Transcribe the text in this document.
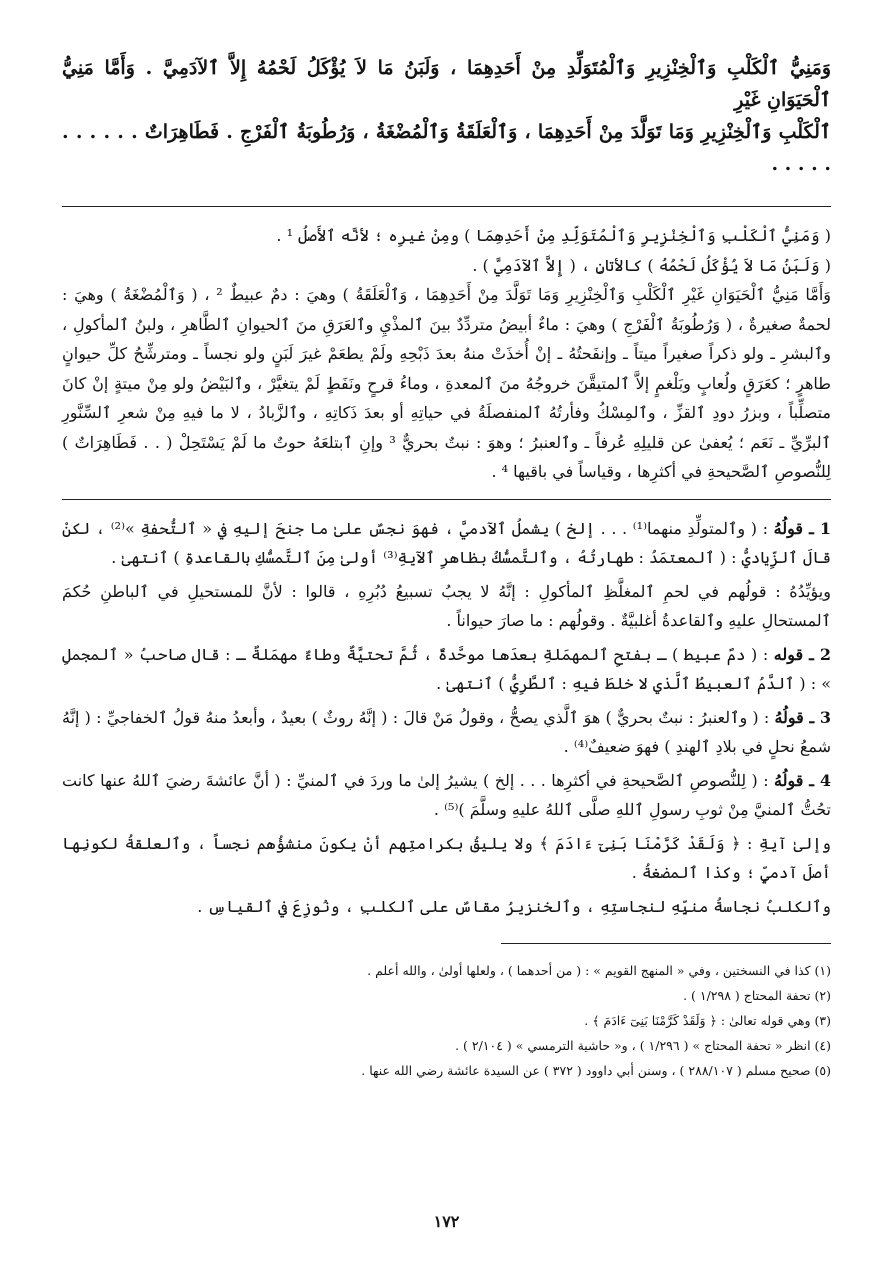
وَمَنِيُّ ٱلْكَلْبِ وَٱلْخِنْزِيرِ وَٱلْمُتَوَلِّدِ مِنْ أَحَدِهِمَا ، وَلَبَنُ مَا لاَ يُؤْكَلُ لَحْمُهُ إِلاَّ ٱلآدَمِيَّ . وَأَمَّا مَنِيُّ ٱلْحَيَوَانِ غَيْرِ

ٱلْكَلْبِ وَٱلْخِنْزِيرِ وَمَا تَوَلَّدَ مِنْ أَحَدِهِمَا ، وَٱلْعَلَقَةُ وَٱلْمُضْغَةُ ، وَرُطُوبَةُ ٱلْفَرْجِ . فَطَاهِرَاتٌ . . . . . . . . . . .

( وَمَنِيُّ ٱلْكَلْبِ وَٱلْخِنْزِيرِ وَٱلْمُتَوَلِّدِ مِنْ أَحَدِهِمَا ) ومِنْ غيرِه ؛ لأنَّه ٱلأَصلُ ¹ .

( وَلَبَنُ مَا لاَ يُؤْكَلُ لَحْمُهُ ) كالأتانِ ، ( إِلاَّ ٱلآدَمِيَّ ) .

وَأَمَّا مَنِيُّ ٱلْحَيَوَانِ غَيْرِ ٱلْكَلْبِ وَٱلْخِنْزِيرِ وَمَا تَوَلَّدَ مِنْ أَحَدِهِمَا ، وَٱلْعَلَقَةُ ) وهيَ : دمٌ عبيطٌ ² ، ( وَٱلْمُضْغَةُ ) وهيَ : لحمةٌ صغيرةٌ ، ( وَرُطُوبَةُ ٱلْفَرْجِ ) وهيَ : ماءٌ أبيضُ متردِّدٌ بينَ ٱلمذْيِ وٱلعَرَقِ منَ ٱلحيوانِ ٱلطَّاهرِ ، ولبنُ ٱلمأكولِ ، وٱلبشرِ ـ ولو ذكراً صغيراً ميتاً ـ وإنفَحتُهُ ـ إنْ أُخذَتْ منهُ بعدَ ذَبْحِهِ ولَمْ يطعَمْ غيرَ لَبَنٍ ولو نجساً ـ ومترشِّحُ كلِّ حيوانٍ طاهرٍ ؛ كعَرَقٍ ولُعابٍ وبَلْغمٍ إلاَّ ٱلمتيقَّنَ خروجُهُ منَ ٱلمعدةِ ، وماءُ قرحٍ ونَفَطٍ لَمْ يتغيَّرْ ، وٱلبَيْضُ ولو مِنْ ميتةٍ إنْ كانَ متصلِّباً ، وبزرُ دودِ ٱلقزِّ ، وٱلمِسْكُ وفأرتُهُ ٱلمنفصلَةُ في حياتِهِ أو بعدَ ذَكاتِهِ ، وٱلزَّبادُ ، لا ما فيهِ مِنْ شعرِ ٱلسِّنَّورِ ٱلبرِّيِّ ـ نَعَم ؛ يُعفىٰ عن قليلِهِ عُرفاً ـ وٱلعنبرُ ؛ وهوَ : نبتٌ بحريٌّ ³ وإنِ ٱبتلعَهُ حوتٌ ما لَمْ يَسْتَحِلْ ( . . فَطَاهِرَاتٌ ) لِلنُّصوصِ ٱلصَّحيحةِ في أكثرِها ، وقياساً في باقيها ⁴ .

1 ـ قولُهُ : ( وٱلمتولِّدِ منهما⁽¹⁾ . . . إلخ ) يشملُ ٱلآدميَّ ، فهوَ نجسٌ علىٰ ما جنحَ إليهِ في « ٱلتُّحفةِ »⁽²⁾ ، لكنْ قالَ ٱلزِّياديُّ : ( ٱلمعتمَدُ : طهارتُهُ ، وٱلتَّمسُّكُ بظاهرِ ٱلآيةِ⁽³⁾ أولىٰ مِنَ ٱلتَّمسُّكِ بالقاعدةِ ) ٱنتهىٰ .

ويؤيِّدُهُ : قولُهم في لحمِ ٱلمغلَّظِ ٱلمأكولِ : إنَّهُ لا يجبُ تسبيعُ دُبُرِهِ ، قالوا : لأنَّ للمستحيلِ في ٱلباطنِ حُكمَ ٱلمستحالِ عليهِ وٱلقاعدةُ أغلبيَّةٌ . وقولُهم : ما صارَ حيواناً .

2 ـ قوله : ( دمٌ عبيط ) ـ بفتحِ ٱلمهمَلةِ بعدَها موحَّدةٌ ، ثُمَّ تحتيَّةٌ وطاءٌ مهمَلةٌ ـ : قال صاحبُ « ٱلمجملِ » : ( ٱلدَّمُ ٱلعبيطُ ٱلَّذي لا خلطَ فيهِ : ٱلطَّرِيُّ ) ٱنتهىٰ .

3 ـ قولُهُ : ( وٱلعنبرُ : نبتٌ بحريٌّ ) هوَ ٱلَّذي يصحُّ ، وقولُ مَنْ قالَ : ( إنَّهُ روثٌ ) بعيدٌ ، وأبعدُ منهُ قولُ ٱلخفاجيِّ : ( إنَّهُ شمعُ نحلٍ في بلادِ ٱلهندِ ) فهوَ ضعيفٌ⁽⁴⁾ .

4 ـ قولُهُ : ( لِلنُّصوصِ ٱلصَّحيحةِ في أكثرِها . . . إلخ ) يشيرُ إلىٰ ما وردَ في ٱلمنيِّ : ( أنَّ عائشةَ رضيَ ٱللهُ عنها كانت تحُتُّ ٱلمنيَّ مِنْ ثوبِ رسولِ ٱللهِ صلَّى ٱللهُ عليهِ وسلَّمَ )⁽⁵⁾ .

وإلىٰ آيةِ : ﴿ وَلَقَدْ كَرَّمْنَا بَنِىٓ ءَادَمَ ﴾ ولا يليقُ بكرامتِهم أنْ يكونَ منشؤُهم نجساً ، وٱلعلقةُ لكونِها أصلَ آدميٍّ ؛ وكذا ٱلمضغةُ .

وٱلكلبُ نجاسةُ منيِّهِ لنجاستِهِ ، وٱلخنزيرُ مقاسٌ على ٱلكلبِ ، ونُوزِعَ في ٱلقياسِ .

(١) كذا في النسختين ، وفي « المنهج القويم » : ( من أحدهما ) ، ولعلها أولىٰ ، والله أعلم .

(٢) تحفة المحتاج ( ١/٢٩٨ ) .

(٣) وهي قوله تعالىٰ : ﴿ وَلَقَدْ كَرَّمْنَا بَنِىٓ ءَادَمَ ﴾ .

(٤) انظر « تحفة المحتاج » ( ١/٢٩٦ ) ، و« حاشية الترمسي » ( ٢/١٠٤ ) .

(٥) صحيح مسلم ( ٢٨٨/١٠٧ ) ، وسنن أبي داوود ( ٣٧٢ ) عن السيدة عائشة رضي الله عنها .

١٧٢
